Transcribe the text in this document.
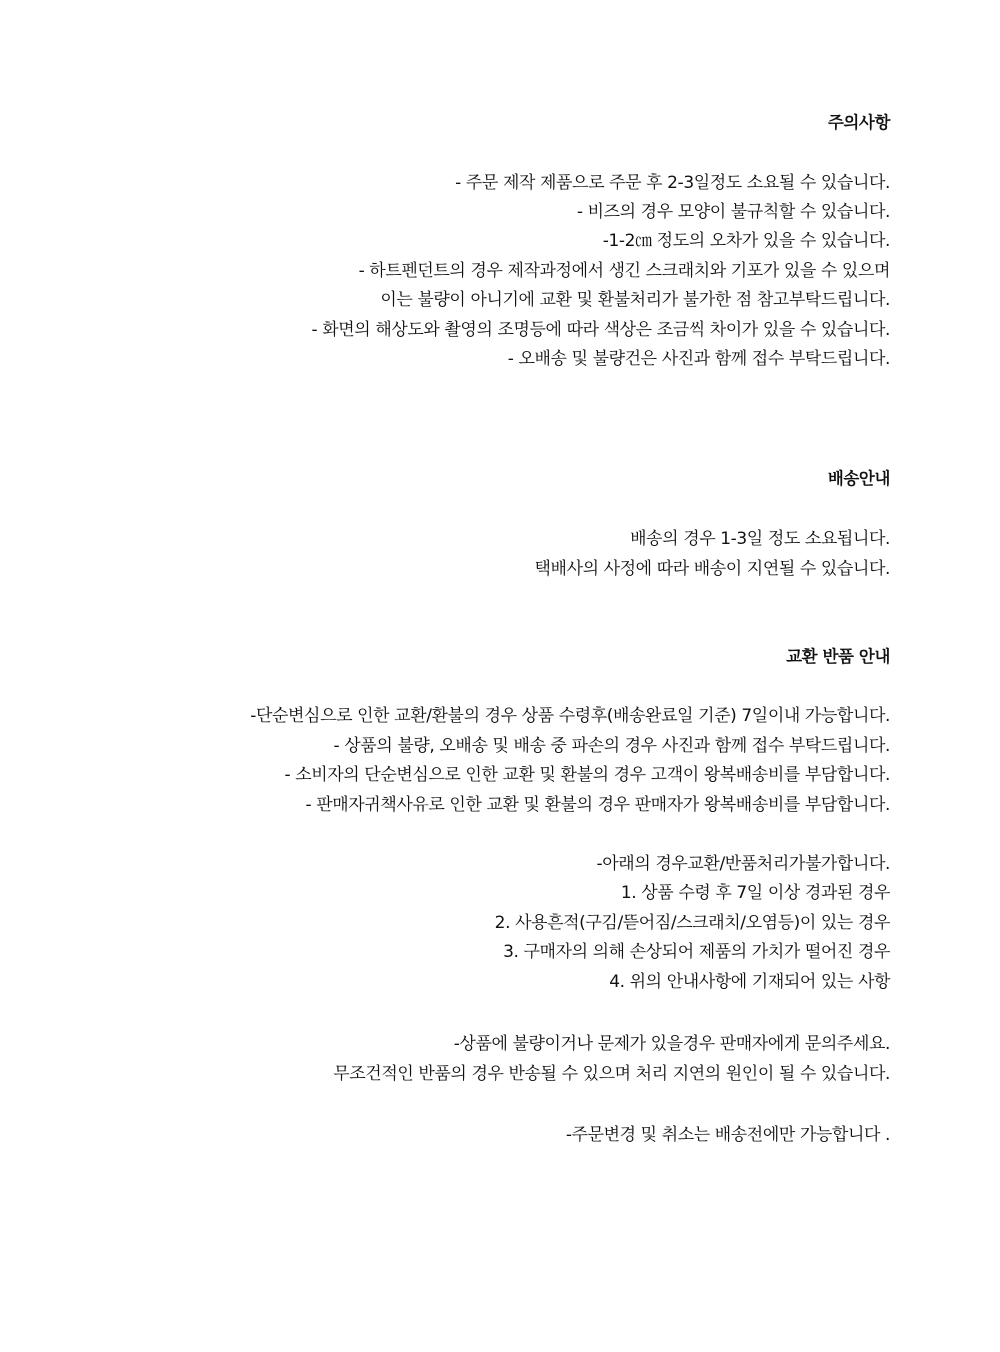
주의사항
- 주문 제작 제품으로 주문 후 2-3일정도 소요될 수 있습니다.
- 비즈의 경우 모양이 불규칙할 수 있습니다.
-1-2㎝ 정도의 오차가 있을 수 있습니다.
- 하트펜던트의 경우 제작과정에서 생긴 스크래치와 기포가 있을 수 있으며
이는 불량이 아니기에 교환 및 환불처리가 불가한 점 참고부탁드립니다.
- 화면의 해상도와 촬영의 조명등에 따라 색상은 조금씩 차이가 있을 수 있습니다.
- 오배송 및 불량건은 사진과 함께 접수 부탁드립니다.
배송안내
배송의 경우 1-3일 정도 소요됩니다.
택배사의 사정에 따라 배송이 지연될 수 있습니다.
교환 반품 안내
-단순변심으로 인한 교환/환불의 경우 상품 수령후(배송완료일 기준) 7일이내 가능합니다.
- 상품의 불량, 오배송 및 배송 중 파손의 경우 사진과 함께 접수 부탁드립니다.
- 소비자의 단순변심으로 인한 교환 및 환불의 경우 고객이 왕복배송비를 부담합니다.
- 판매자귀책사유로 인한 교환 및 환불의 경우 판매자가 왕복배송비를 부담합니다.
-아래의 경우교환/반품처리가불가합니다.
1. 상품 수령 후 7일 이상 경과된 경우
2. 사용흔적(구김/뜯어짐/스크래치/오염등)이 있는 경우
3. 구매자의 의해 손상되어 제품의 가치가 떨어진 경우
4. 위의 안내사항에 기재되어 있는 사항
-상품에 불량이거나 문제가 있을경우 판매자에게 문의주세요.
무조건적인 반품의 경우 반송될 수 있으며 처리 지연의 원인이 될 수 있습니다.
-주문변경 및 취소는 배송전에만 가능합니다 .
